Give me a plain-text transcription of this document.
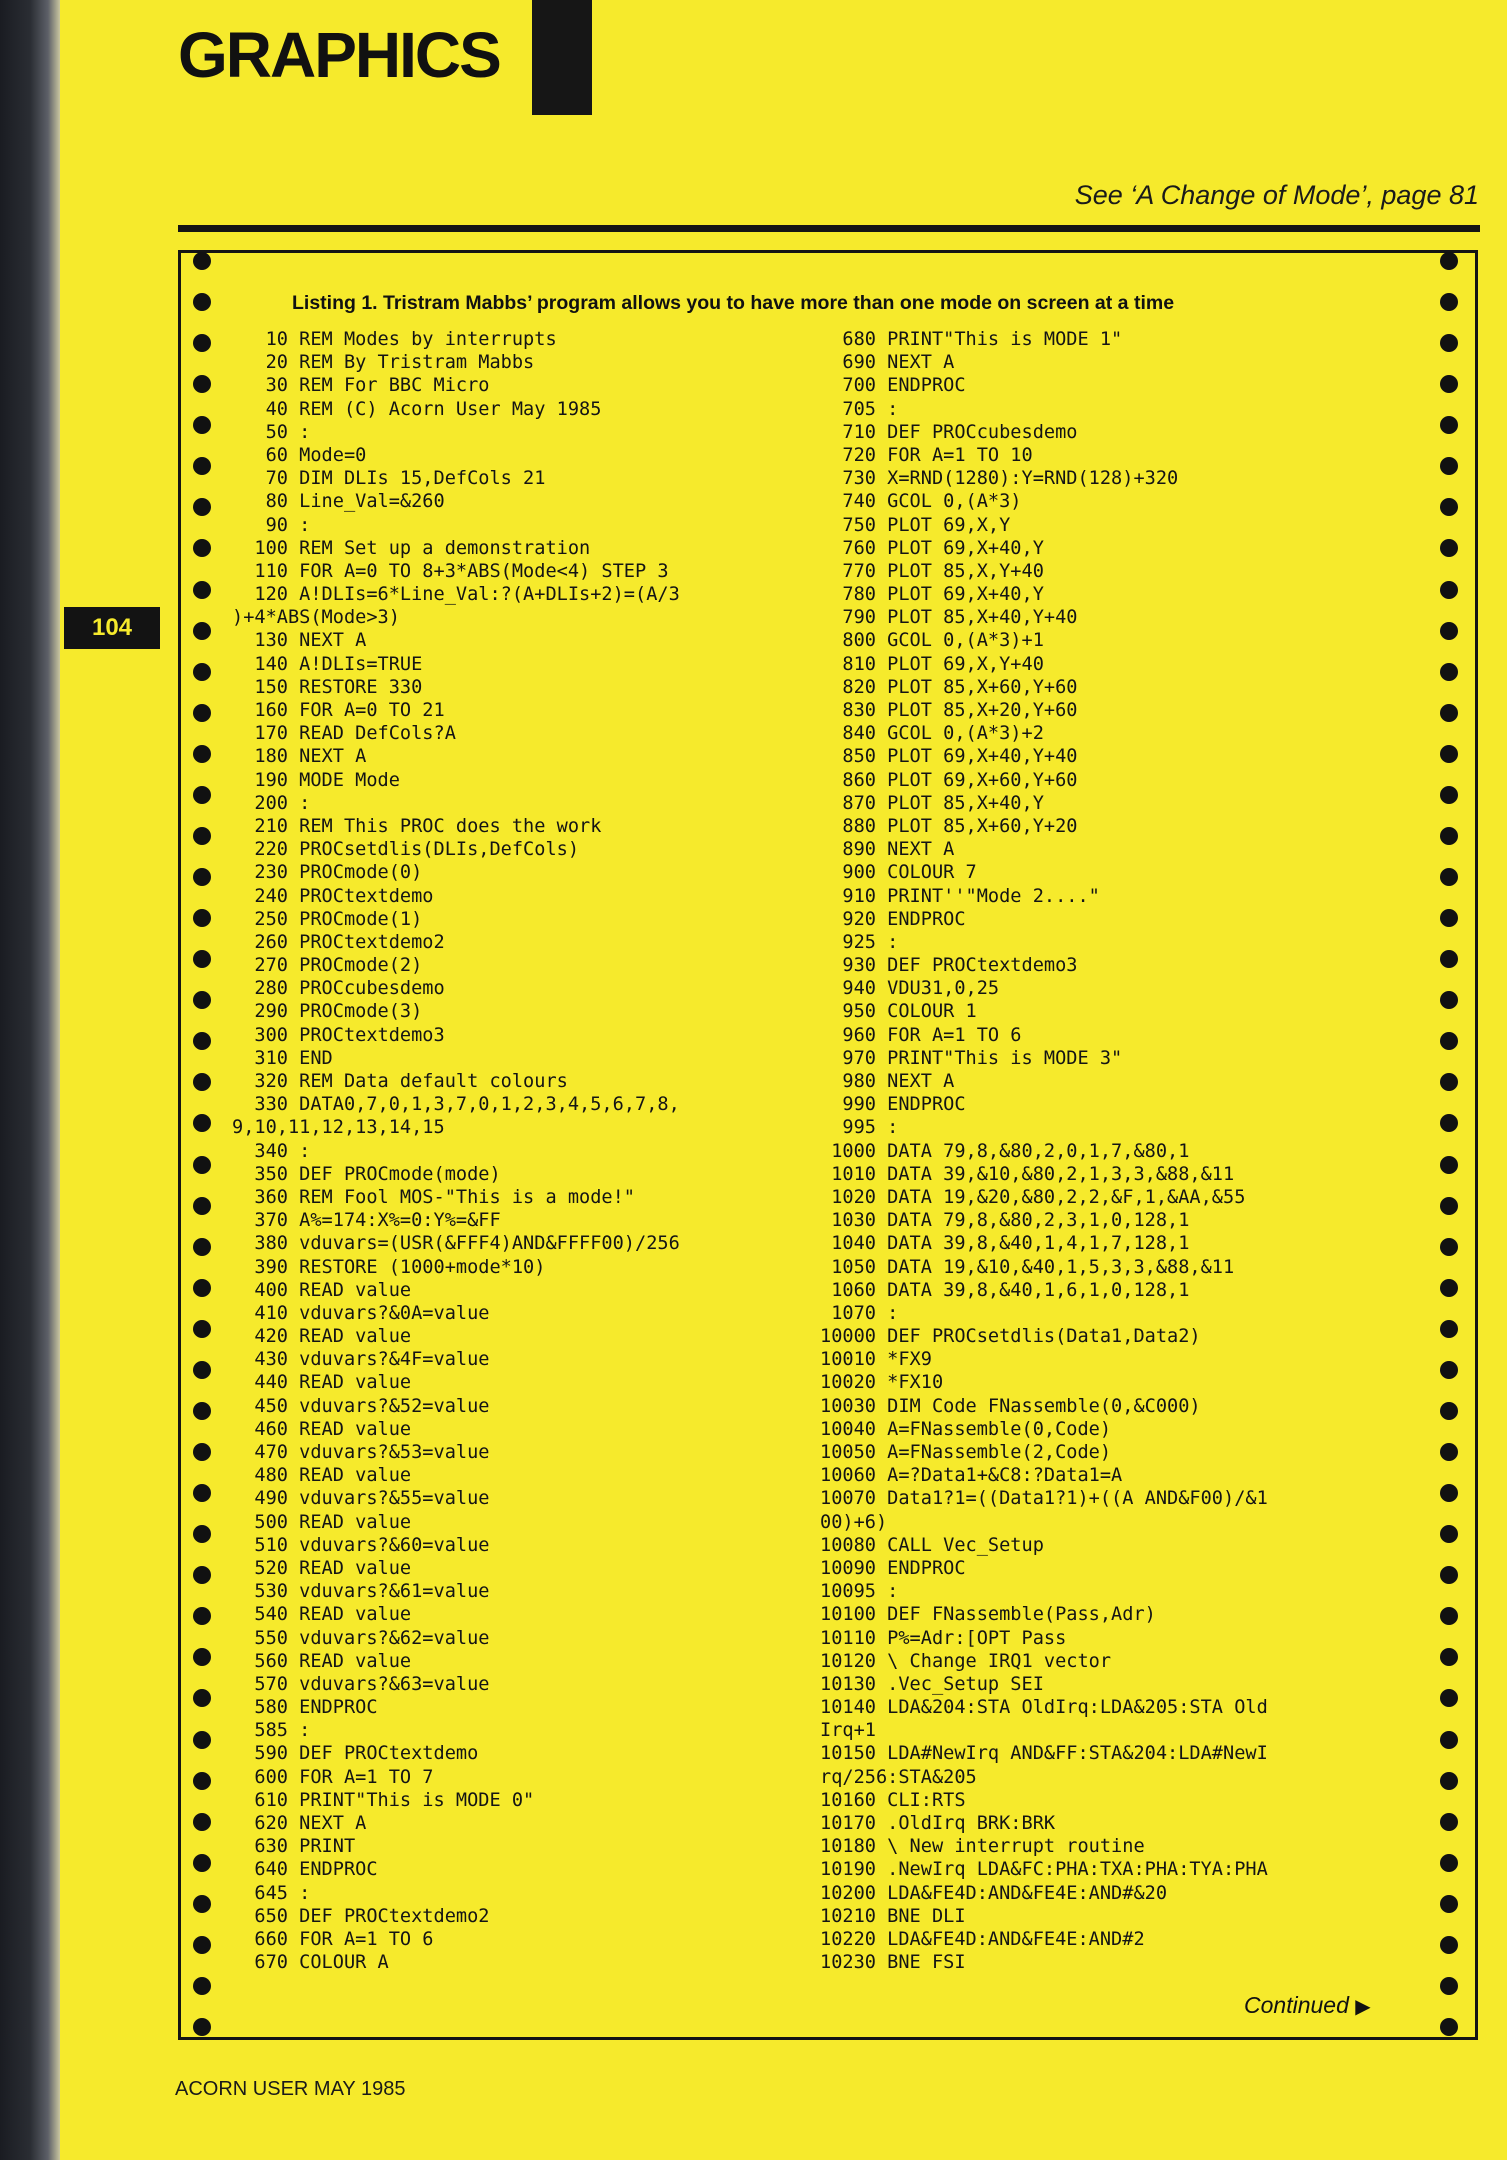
GRAPHICS
See ‘A Change of Mode’, page 81
104
Listing 1. Tristram Mabbs’ program allows you to have more than one mode on screen at a time
10 REM Modes by interrupts
20 REM By Tristram Mabbs
30 REM For BBC Micro
40 REM (C) Acorn User May 1985
50 :
60 Mode=0
70 DIM DLIs 15,DefCols 21
80 Line_Val=&260
90 :
100 REM Set up a demonstration
110 FOR A=0 TO 8+3*ABS(Mode<4) STEP 3
120 A!DLIs=6*Line_Val:?(A+DLIs+2)=(A/3
)+4*ABS(Mode>3)
130 NEXT A
140 A!DLIs=TRUE
150 RESTORE 330
160 FOR A=0 TO 21
170 READ DefCols?A
180 NEXT A
190 MODE Mode
200 :
210 REM This PROC does the work
220 PROCsetdlis(DLIs,DefCols)
230 PROCmode(0)
240 PROCtextdemo
250 PROCmode(1)
260 PROCtextdemo2
270 PROCmode(2)
280 PROCcubesdemo
290 PROCmode(3)
300 PROCtextdemo3
310 END
320 REM Data default colours
330 DATA0,7,0,1,3,7,0,1,2,3,4,5,6,7,8,
9,10,11,12,13,14,15
340 :
350 DEF PROCmode(mode)
360 REM Fool MOS-"This is a mode!"
370 A%=174:X%=0:Y%=&FF
380 vduvars=(USR(&FFF4)AND&FFFF00)/256
390 RESTORE (1000+mode*10)
400 READ value
410 vduvars?&0A=value
420 READ value
430 vduvars?&4F=value
440 READ value
450 vduvars?&52=value
460 READ value
470 vduvars?&53=value
480 READ value
490 vduvars?&55=value
500 READ value
510 vduvars?&60=value
520 READ value
530 vduvars?&61=value
540 READ value
550 vduvars?&62=value
560 READ value
570 vduvars?&63=value
580 ENDPROC
585 :
590 DEF PROCtextdemo
600 FOR A=1 TO 7
610 PRINT"This is MODE 0"
620 NEXT A
630 PRINT
640 ENDPROC
645 :
650 DEF PROCtextdemo2
660 FOR A=1 TO 6
670 COLOUR A
680 PRINT"This is MODE 1"
690 NEXT A
700 ENDPROC
705 :
710 DEF PROCcubesdemo
720 FOR A=1 TO 10
730 X=RND(1280):Y=RND(128)+320
740 GCOL 0,(A*3)
750 PLOT 69,X,Y
760 PLOT 69,X+40,Y
770 PLOT 85,X,Y+40
780 PLOT 69,X+40,Y
790 PLOT 85,X+40,Y+40
800 GCOL 0,(A*3)+1
810 PLOT 69,X,Y+40
820 PLOT 85,X+60,Y+60
830 PLOT 85,X+20,Y+60
840 GCOL 0,(A*3)+2
850 PLOT 69,X+40,Y+40
860 PLOT 69,X+60,Y+60
870 PLOT 85,X+40,Y
880 PLOT 85,X+60,Y+20
890 NEXT A
900 COLOUR 7
910 PRINT''"Mode 2...."
920 ENDPROC
925 :
930 DEF PROCtextdemo3
940 VDU31,0,25
950 COLOUR 1
960 FOR A=1 TO 6
970 PRINT"This is MODE 3"
980 NEXT A
990 ENDPROC
995 :
1000 DATA 79,8,&80,2,0,1,7,&80,1
1010 DATA 39,&10,&80,2,1,3,3,&88,&11
1020 DATA 19,&20,&80,2,2,&F,1,&AA,&55
1030 DATA 79,8,&80,2,3,1,0,128,1
1040 DATA 39,8,&40,1,4,1,7,128,1
1050 DATA 19,&10,&40,1,5,3,3,&88,&11
1060 DATA 39,8,&40,1,6,1,0,128,1
1070 :
10000 DEF PROCsetdlis(Data1,Data2)
10010 *FX9
10020 *FX10
10030 DIM Code FNassemble(0,&C000)
10040 A=FNassemble(0,Code)
10050 A=FNassemble(2,Code)
10060 A=?Data1+&C8:?Data1=A
10070 Data1?1=((Data1?1)+((A AND&F00)/&1
00)+6)
10080 CALL Vec_Setup
10090 ENDPROC
10095 :
10100 DEF FNassemble(Pass,Adr)
10110 P%=Adr:[OPT Pass
10120 \ Change IRQ1 vector
10130 .Vec_Setup SEI
10140 LDA&204:STA OldIrq:LDA&205:STA Old
Irq+1
10150 LDA#NewIrq AND&FF:STA&204:LDA#NewI
rq/256:STA&205
10160 CLI:RTS
10170 .OldIrq BRK:BRK
10180 \ New interrupt routine
10190 .NewIrq LDA&FC:PHA:TXA:PHA:TYA:PHA
10200 LDA&FE4D:AND&FE4E:AND#&20
10210 BNE DLI
10220 LDA&FE4D:AND&FE4E:AND#2
10230 BNE FSI
Continued ▶
ACORN USER MAY 1985
